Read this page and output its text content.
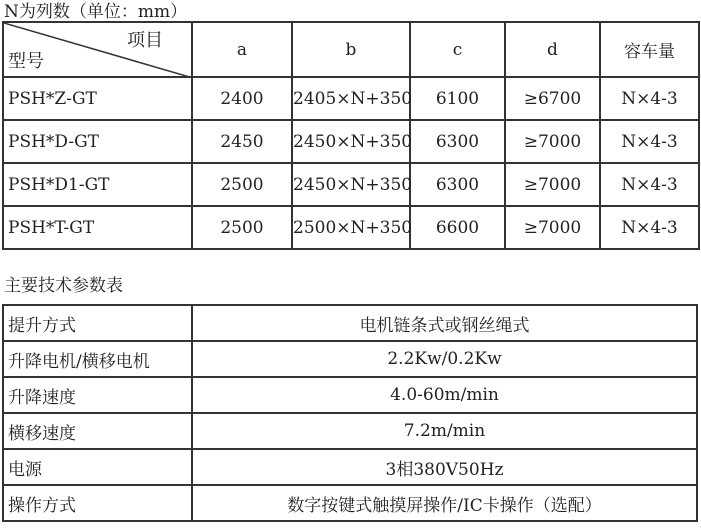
N为列数（单位：mm）
项目
型号	a	b	c	d	容车量
PSH*Z-GT	2400	2405×N+350	6100	≥6700	N×4-3
PSH*D-GT	2450	2450×N+350	6300	≥7000	N×4-3
PSH*D1-GT	2500	2450×N+350	6300	≥7000	N×4-3
PSH*T-GT	2500	2500×N+350	6600	≥7000	N×4-3
主要技术参数表
提升方式	电机链条式或钢丝绳式
升降电机/横移电机	2.2Kw/0.2Kw
升降速度	4.0-60m/min
横移速度	7.2m/min
电源	3相380V50Hz
操作方式	数字按键式触摸屏操作/IC卡操作（选配）
